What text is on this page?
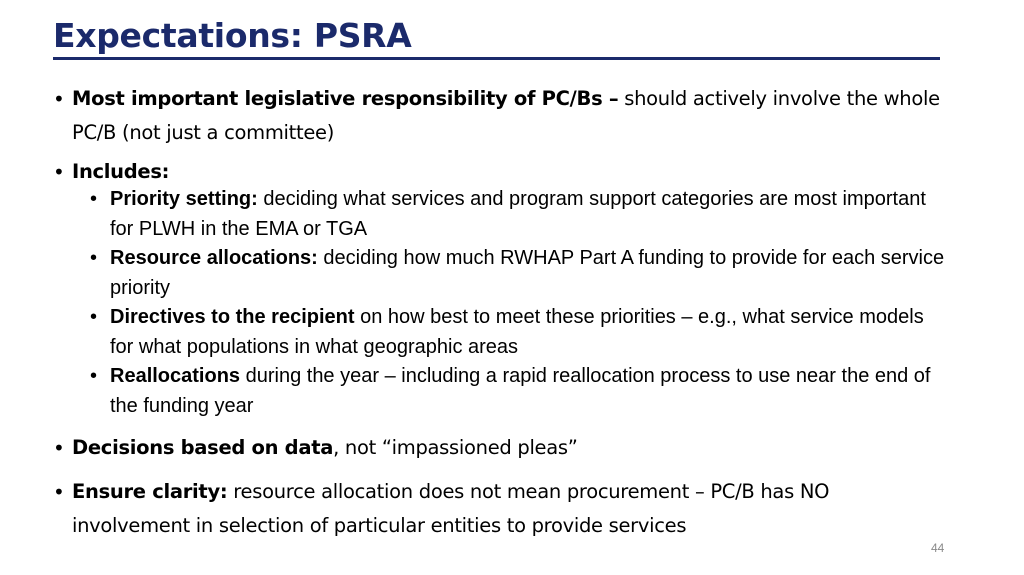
Expectations: PSRA
• Most important legislative responsibility of PC/Bs – should actively involve the whole PC/B (not just a committee)
• Includes:
• Priority setting: deciding what services and program support categories are most important for PLWH in the EMA or TGA
• Resource allocations: deciding how much RWHAP Part A funding to provide for each service priority
• Directives to the recipient on how best to meet these priorities – e.g., what service models for what populations in what geographic areas
• Reallocations during the year – including a rapid reallocation process to use near the end of the funding year
• Decisions based on data, not “impassioned pleas”
• Ensure clarity: resource allocation does not mean procurement – PC/B has NO involvement in selection of particular entities to provide services
44
